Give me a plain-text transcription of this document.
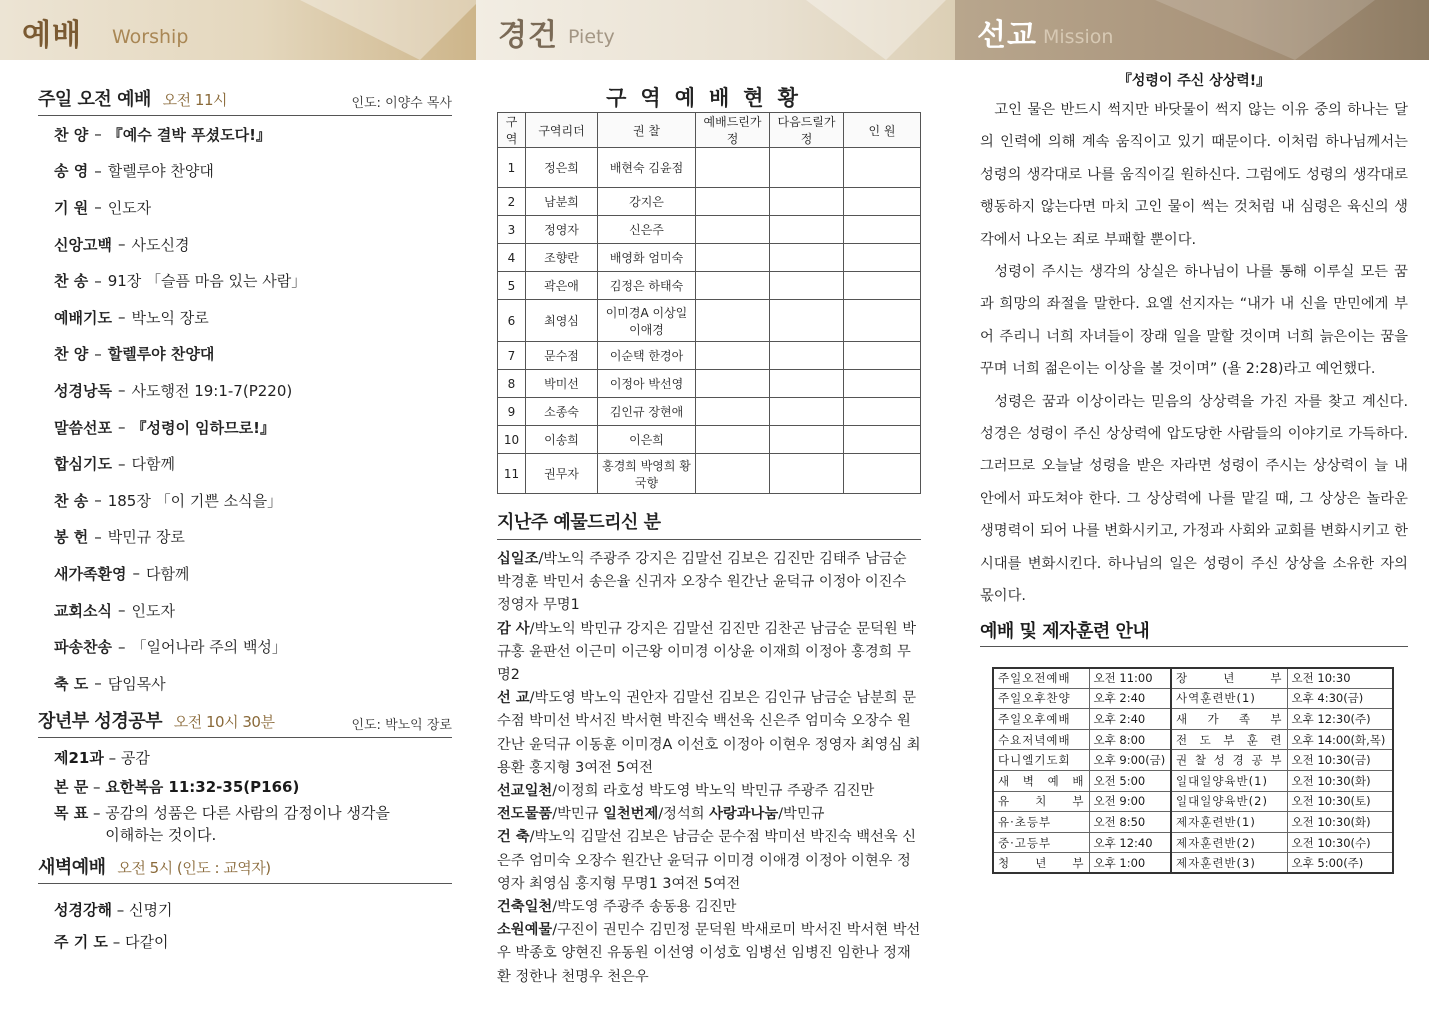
예배 Worship	경건 Piety	선교 Mission
주일 오전 예배 오전 11시	인도: 이양수 목사
찬 양 – 『예수 결박 푸셨도다!』
송 영 – 할렐루야 찬양대
기 원 – 인도자
신앙고백 – 사도신경
찬 송 – 91장 「슬픔 마음 있는 사람」
예배기도 – 박노익 장로
찬 양 – 할렐루야 찬양대
성경낭독 – 사도행전 19:1-7(P220)
말씀선포 – 『성령이 임하므로!』
합심기도 – 다함께
찬 송 – 185장 「이 기쁜 소식을」
봉 헌 – 박민규 장로
새가족환영 – 다함께
교회소식 – 인도자
파송찬송 – 「일어나라 주의 백성」
축 도 – 담임목사
장년부 성경공부 오전 10시 30분	인도: 박노익 장로
제21과 – 공감
본 문 – 요한복음 11:32-35(P166)
목 표 – 공감의 성품은 다른 사람의 감정이나 생각을 이해하는 것이다.
새벽예배 오전 5시 (인도 : 교역자)
성경강해 – 신명기
주 기 도 – 다같이
구역예배현황
구역	구역리더	권 찰	예배드린가정	다음드릴가정	인 원
1	정은희	배현숙 김윤점			
2	남분희	강지은			
3	정영자	신은주			
4	조향란	배영화 엄미숙			
5	곽은애	김정은 하태숙			
6	최영심	이미경A 이상일 이애경			
7	문수점	이순택 한경아			
8	박미선	이정아 박선영			
9	소종숙	김인규 장현애			
10	이송희	이은희			
11	권무자	홍경희 박영희 황국향			
지난주 예물드리신 분

십일조/박노익 주광주 강지은 김말선 김보은 김진만 김태주 남금순 박경훈 박민서 송은율 신귀자 오장수 원간난 윤덕규 이정아 이진수 정영자 무명1

감 사/박노익 박민규 강지은 김말선 김진만 김찬곤 남금순 문덕원 박규홍 윤판선 이근미 이근왕 이미경 이상윤 이재희 이정아 홍경희 무명2

선 교/박도영 박노익 권안자 김말선 김보은 김인규 남금순 남분희 문수점 박미선 박서진 박서현 박진숙 백선욱 신은주 엄미숙 오장수 원간난 윤덕규 이동훈 이미경A 이선호 이정아 이현우 정영자 최영심 최용환 홍지형 3여전 5여전

선교일천/이정희 라호성 박도영 박노익 박민규 주광주 김진만

전도물품/박민규 일천번제/정석희 사랑과나눔/박민규

건 축/박노익 김말선 김보은 남금순 문수점 박미선 박진숙 백선욱 신은주 엄미숙 오장수 원간난 윤덕규 이미경 이애경 이정아 이현우 정영자 최영심 홍지형 무명1 3여전 5여전

건축일천/박도영 주광주 송동용 김진만

소원예물/구진이 권민수 김민정 문덕원 박새로미 박서진 박서현 박선우 박종호 양현진 유동원 이선영 이성호 임병선 임병진 임한나 정재환 정한나 천명우 천은우

『성령이 주신 상상력!』

고인 물은 반드시 썩지만 바닷물이 썩지 않는 이유 중의 하나는 달의 인력에 의해 계속 움직이고 있기 때문이다. 이처럼 하나님께서는 성령의 생각대로 나를 움직이길 원하신다. 그럼에도 성령의 생각대로 행동하지 않는다면 마치 고인 물이 썩는 것처럼 내 심령은 육신의 생각에서 나오는 죄로 부패할 뿐이다.

성령이 주시는 생각의 상실은 하나님이 나를 통해 이루실 모든 꿈과 희망의 좌절을 말한다. 요엘 선지자는 “내가 내 신을 만민에게 부어 주리니 너희 자녀들이 장래 일을 말할 것이며 너희 늙은이는 꿈을 꾸며 너희 젊은이는 이상을 볼 것이며” (욜 2:28)라고 예언했다.

성령은 꿈과 이상이라는 믿음의 상상력을 가진 자를 찾고 계신다. 성경은 성령이 주신 상상력에 압도당한 사람들의 이야기로 가득하다. 그러므로 오늘날 성령을 받은 자라면 성령이 주시는 상상력이 늘 내 안에서 파도쳐야 한다. 그 상상력에 나를 맡길 때, 그 상상은 놀라운 생명력이 되어 나를 변화시키고, 가정과 사회와 교회를 변화시키고 한 시대를 변화시킨다. 하나님의 일은 성령이 주신 상상을 소유한 자의 몫이다.

예배 및 제자훈련 안내
주일오전예배	오전 11:00	장 년 부	오전 10:30
주일오후찬양	오후 2:40	사역훈련반(1)	오후 4:30(금)
주일오후예배	오후 2:40	새 가 족 부	오후 12:30(주)
수요저녁예배	오후 8:00	전 도 부 훈 련	오후 14:00(화,목)
다니엘기도회	오후 9:00(금)	권 찰 성 경 공 부	오전 10:30(금)
새 벽 예 배	오전 5:00	일대일양육반(1)	오전 10:30(화)
유 치 부	오전 9:00	일대일양육반(2)	오전 10:30(토)
유·초등부	오전 8:50	제자훈련반(1)	오전 10:30(화)
중·고등부	오후 12:40	제자훈련반(2)	오전 10:30(수)
청 년 부	오후 1:00	제자훈련반(3)	오후 5:00(주)
